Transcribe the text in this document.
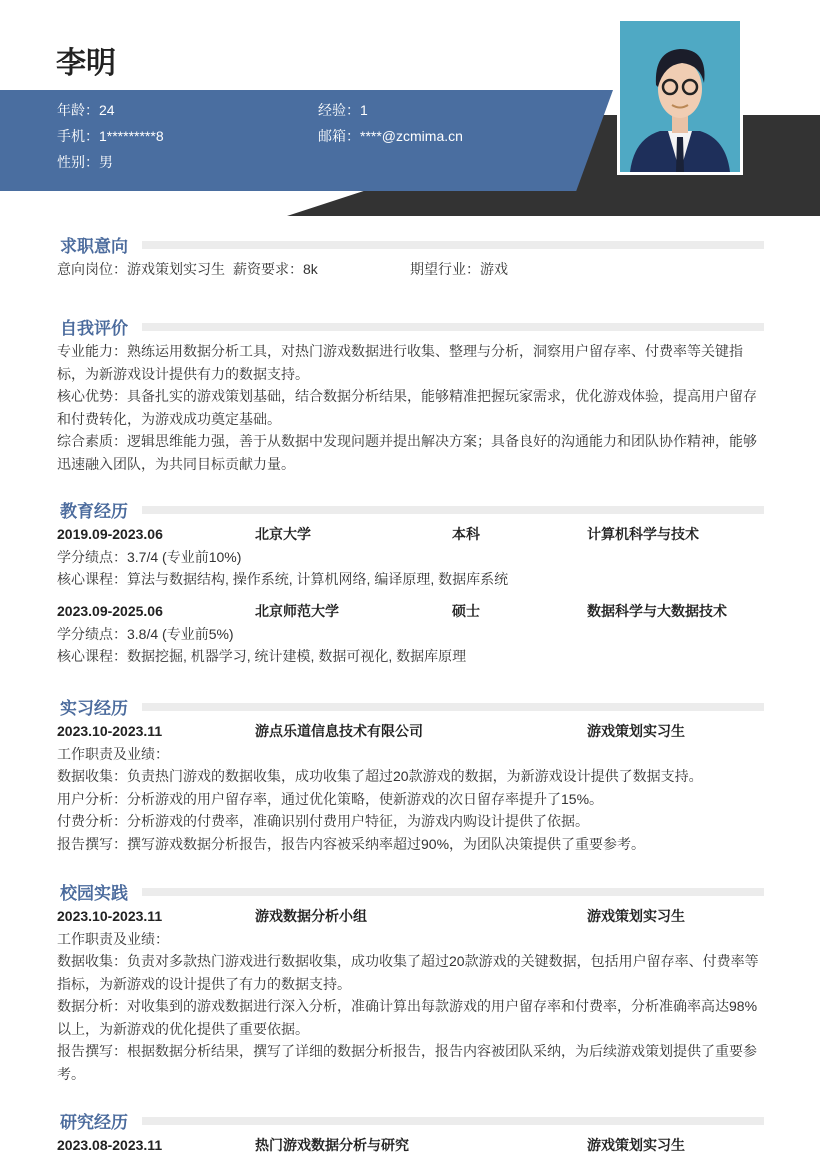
李明
年龄：24	经验：1
手机：1*********8	邮箱：****@zcmima.cn
性别：男
求职意向
意向岗位：游戏策划实习生 薪资要求：8k	期望行业：游戏
自我评价
专业能力：熟练运用数据分析工具，对热门游戏数据进行收集、整理与分析，洞察用户留存率、付费率等关键指标，为新游戏设计提供有力的数据支持。
核心优势：具备扎实的游戏策划基础，结合数据分析结果，能够精准把握玩家需求，优化游戏体验，提高用户留存和付费转化，为游戏成功奠定基础。
综合素质：逻辑思维能力强，善于从数据中发现问题并提出解决方案；具备良好的沟通能力和团队协作精神，能够迅速融入团队，为共同目标贡献力量。
教育经历
2019.09-2023.06	北京大学	本科	计算机科学与技术
学分绩点：3.7/4 (专业前10%)
核心课程：算法与数据结构, 操作系统, 计算机网络, 编译原理, 数据库系统
2023.09-2025.06	北京师范大学	硕士	数据科学与大数据技术
学分绩点：3.8/4 (专业前5%)
核心课程：数据挖掘, 机器学习, 统计建模, 数据可视化, 数据库原理
实习经历
2023.10-2023.11	游点乐道信息技术有限公司	游戏策划实习生
工作职责及业绩：
数据收集：负责热门游戏的数据收集，成功收集了超过20款游戏的数据，为新游戏设计提供了数据支持。
用户分析：分析游戏的用户留存率，通过优化策略，使新游戏的次日留存率提升了15%。
付费分析：分析游戏的付费率，准确识别付费用户特征，为游戏内购设计提供了依据。
报告撰写：撰写游戏数据分析报告，报告内容被采纳率超过90%，为团队决策提供了重要参考。
校园实践
2023.10-2023.11	游戏数据分析小组	游戏策划实习生
工作职责及业绩：
数据收集：负责对多款热门游戏进行数据收集，成功收集了超过20款游戏的关键数据，包括用户留存率、付费率等指标，为新游戏的设计提供了有力的数据支持。
数据分析：对收集到的游戏数据进行深入分析，准确计算出每款游戏的用户留存率和付费率，分析准确率高达98%以上，为新游戏的优化提供了重要依据。
报告撰写：根据数据分析结果，撰写了详细的数据分析报告，报告内容被团队采纳，为后续游戏策划提供了重要参考。
研究经历
2023.08-2023.11	热门游戏数据分析与研究	游戏策划实习生
